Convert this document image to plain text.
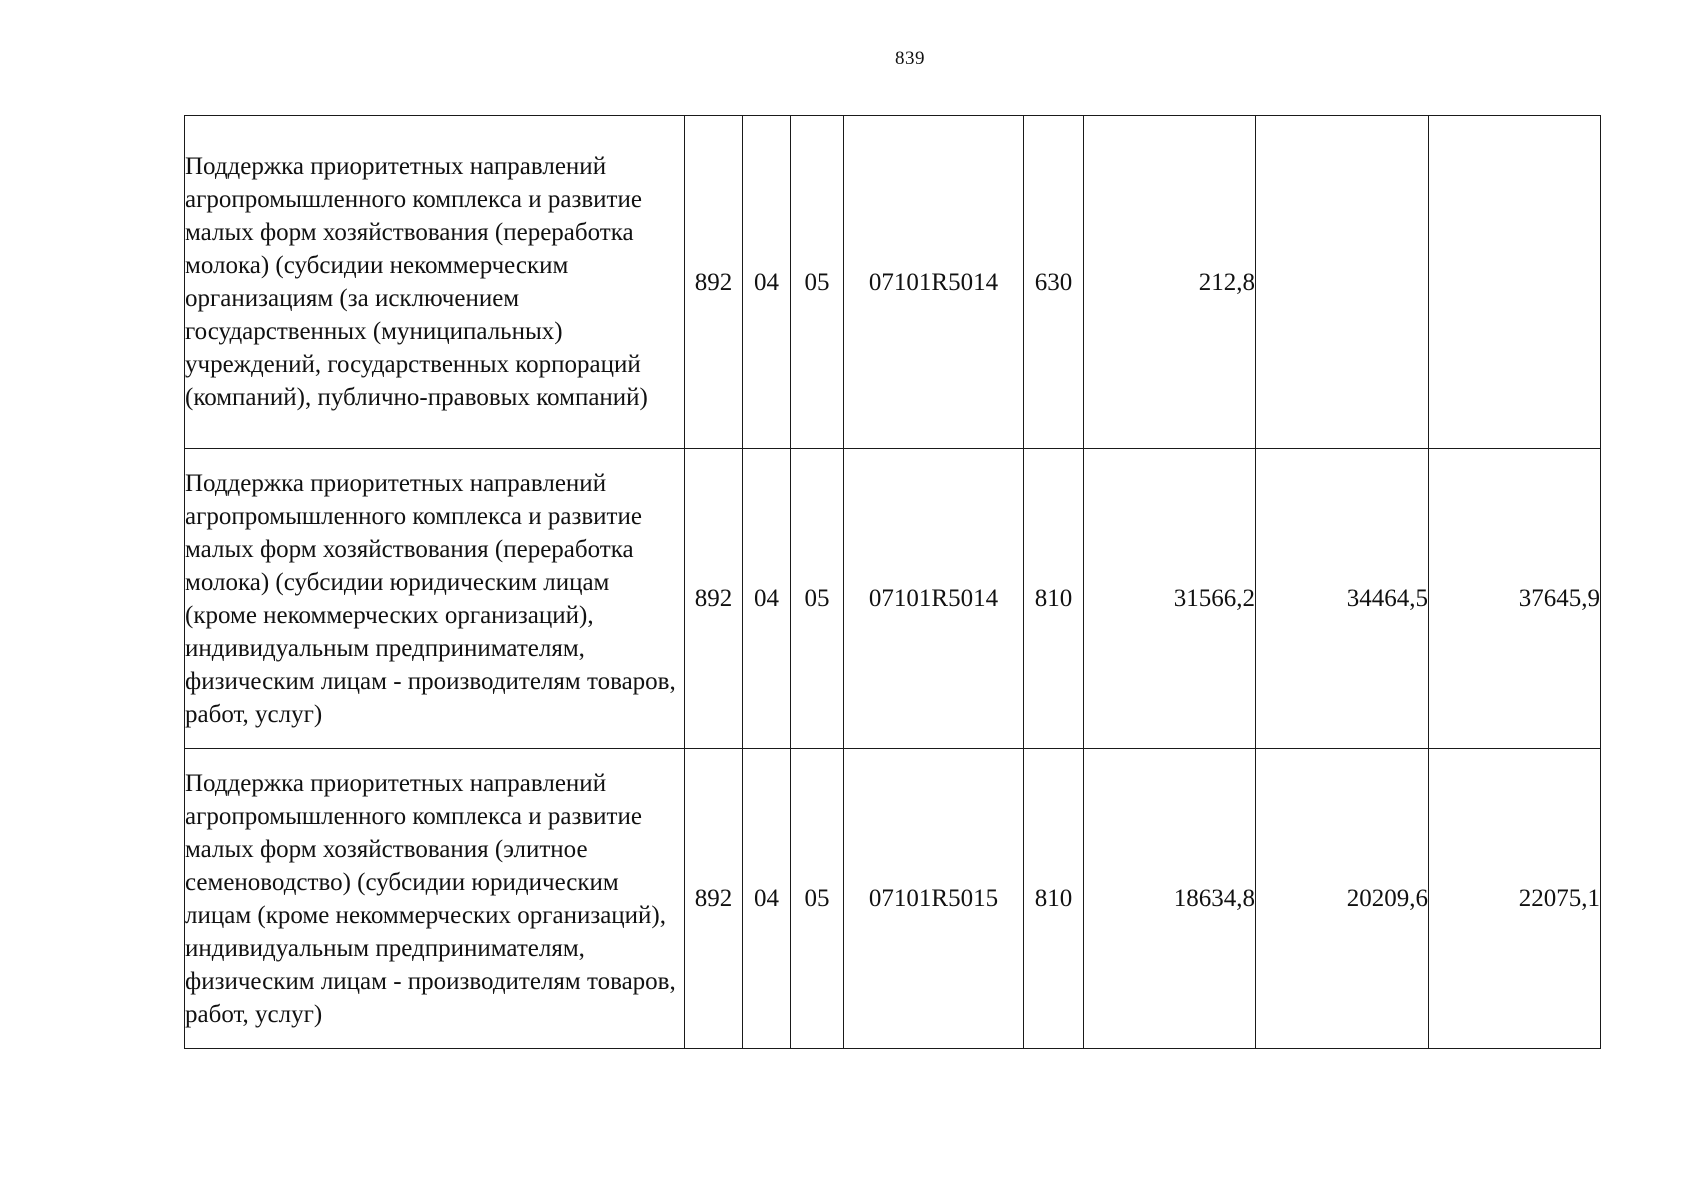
839
Поддержка приоритетных направлений агропромышленного комплекса и развитие малых форм хозяйствования (переработка молока) (субсидии некоммерческим организациям (за исключением государственных (муниципальных) учреждений, государственных корпораций (компаний), публично-правовых компаний)	892	04	05	07101R5014	630	212,8		
Поддержка приоритетных направлений агропромышленного комплекса и развитие малых форм хозяйствования (переработка молока) (субсидии юридическим лицам (кроме некоммерческих организаций), индивидуальным предпринимателям, физическим лицам - производителям товаров, работ, услуг)	892	04	05	07101R5014	810	31566,2	34464,5	37645,9
Поддержка приоритетных направлений агропромышленного комплекса и развитие малых форм хозяйствования (элитное семеноводство) (субсидии юридическим лицам (кроме некоммерческих организаций), индивидуальным предпринимателям, физическим лицам - производителям товаров, работ, услуг)	892	04	05	07101R5015	810	18634,8	20209,6	22075,1
